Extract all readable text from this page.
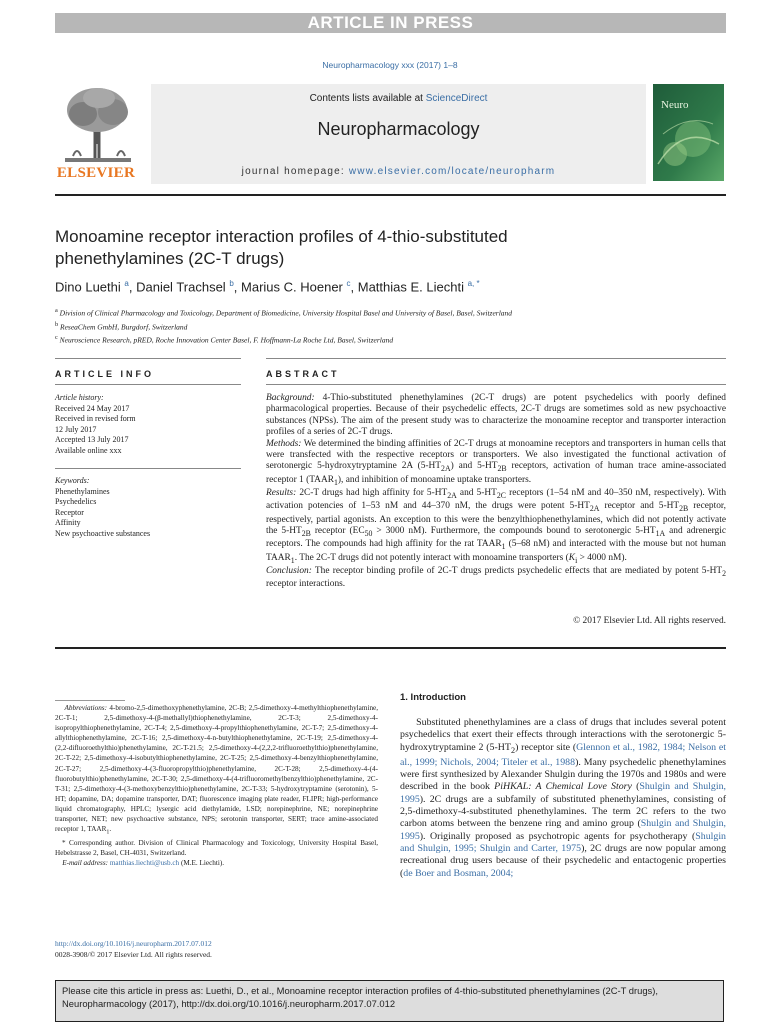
ARTICLE IN PRESS
Neuropharmacology xxx (2017) 1–8
ELSEVIER
Contents lists available at ScienceDirect
Neuropharmacology
journal homepage: www.elsevier.com/locate/neuropharm
Neuro
Monoamine receptor interaction profiles of 4-thio-substituted phenethylamines (2C-T drugs)
Dino Luethi $^a$, Daniel Trachsel $^b$, Marius C. Hoener $^c$, Matthias E. Liechti $^{a, *}$
$^a$ Division of Clinical Pharmacology and Toxicology, Department of Biomedicine, University Hospital Basel and University of Basel, Basel, Switzerland
$^b$ ReseaChem GmbH, Burgdorf, Switzerland
$^c$ Neuroscience Research, pRED, Roche Innovation Center Basel, F. Hoffmann-La Roche Ltd, Basel, Switzerland
ARTICLE INFO	ABSTRACT
Article history:
Received 24 May 2017
Received in revised form
12 July 2017
Accepted 13 July 2017
Available online xxx
Keywords:
Phenethylamines
Psychedelics
Receptor
Affinity
New psychoactive substances

Background: 4-Thio-substituted phenethylamines (2C-T drugs) are potent psychedelics with poorly defined pharmacological properties. Because of their psychedelic effects, 2C-T drugs are sometimes sold as new psychoactive substances (NPSs). The aim of the present study was to characterize the monoamine receptor and transporter interaction profiles of a series of 2C-T drugs.

Methods: We determined the binding affinities of 2C-T drugs at monoamine receptors and transporters in human cells that were transfected with the respective receptors or transporters. We also investigated the functional activation of serotonergic 5-hydroxytryptamine 2A $(5-HT_{2A})$ and $5-HT_{2B}$ receptors, activation of human trace amine-associated receptor 1 $(TAAR_1)$, and inhibition of monoamine uptake transporters.

Results: 2C-T drugs had high affinity for $5-HT_{2A}$ and $5-HT_{2C}$ receptors (1–54 nM and 40–350 nM, respectively). With activation potencies of 1–53 nM and 44–370 nM, the drugs were potent $5-HT_{2A}$ receptor and $5-HT_{2B}$ receptor, respectively, partial agonists. An exception to this were the benzylthiophenethylamines, which did not potently activate the $5-HT_{2B}$ receptor ($EC_{50} > 3000$ nM). Furthermore, the compounds bound to serotonergic $5-HT_{1A}$ and adrenergic receptors. The compounds had high affinity for the rat $TAAR_1$ (5–68 nM) and interacted with the mouse but not human $TAAR_1$. The 2C-T drugs did not potently interact with monoamine transporters ($K_i > 4000$ nM).

Conclusion: The receptor binding profile of 2C-T drugs predicts psychedelic effects that are mediated by potent $5-HT_2$ receptor interactions.

© 2017 Elsevier Ltd. All rights reserved.

Abbreviations: 4-bromo-2,5-dimethoxyphenethylamine, 2C-B; 2,5-dimethoxy-4-methylthiophenethylamine, 2C-T-1; 2,5-dimethoxy-4-(β-methallyl)thiophenethylamine, 2C-T-3; 2,5-dimethoxy-4-isopropylthiophenethylamine, 2C-T-4; 2,5-dimethoxy-4-propylthiophenethylamine, 2C-T-7; 2,5-dimethoxy-4-allylthiophenethylamine, 2C-T-16; 2,5-dimethoxy-4-n-butylthiophenethylamine, 2C-T-19; 2,5-dimethoxy-4-(2,2-difluoroethylthio)phenethylamine, 2C-T-21.5; 2,5-dimethoxy-4-(2,2,2-trifluoroethylthio)phenethylamine, 2C-T-22; 2,5-dimethoxy-4-isobutylthiophenethylamine, 2C-T-25; 2,5-dimethoxy-4-benzylthiophenethylamine, 2C-T-27; 2,5-dimethoxy-4-(3-fluoropropylthio)phenethylamine, 2C-T-28; 2,5-dimethoxy-4-(4-fluorobutylthio)phenethylamine, 2C-T-30; 2,5-dimethoxy-4-(4-trifluoromethylbenzylthio)phenethylamine, 2C-T-31; 2,5-dimethoxy-4-(3-methoxybenzylthio)phenethylamine, 2C-T-33; 5-hydroxytryptamine (serotonin), 5-HT; dopamine, DA; dopamine transporter, DAT; fluorescence imaging plate reader, FLIPR; high-performance liquid chromatography, HPLC; lysergic acid diethylamide, LSD; norepinephrine, NE; norepinephrine transporter, NET; new psychoactive substance, NPS; serotonin transporter, SERT; trace amine-associated receptor 1, $TAAR_1$.

* Corresponding author. Division of Clinical Pharmacology and Toxicology, University Hospital Basel, Hebelstrasse 2, Basel, CH-4031, Switzerland.

E-mail address: matthias.liechti@usb.ch (M.E. Liechti).

http://dx.doi.org/10.1016/j.neuropharm.2017.07.012
0028-3908/© 2017 Elsevier Ltd. All rights reserved.
1. Introduction
Substituted phenethylamines are a class of drugs that includes several potent psychedelics that exert their effects through interactions with the serotonergic 5-hydroxytryptamine 2 $(5-HT_2)$ receptor site (Glennon et al., 1982, 1984; Nelson et al., 1999; Nichols, 2004; Titeler et al., 1988). Many psychedelic phenethylamines were first synthesized by Alexander Shulgin during the 1970s and 1980s and were described in the book PiHKAL: A Chemical Love Story (Shulgin and Shulgin, 1995). 2C drugs are a subfamily of substituted phenethylamines, consisting of 2,5-dimethoxy-4-substituted phenethylamines. The term 2C refers to the two carbon atoms between the benzene ring and amino group (Shulgin and Shulgin, 1995). Originally proposed as psychotropic agents for psychotherapy (Shulgin and Shulgin, 1995; Shulgin and Carter, 1975), 2C drugs are now popular among recreational drug users because of their psychedelic and entactogenic properties (de Boer and Bosman, 2004;
Please cite this article in press as: Luethi, D., et al., Monoamine receptor interaction profiles of 4-thio-substituted phenethylamines (2C-T drugs), Neuropharmacology (2017), http://dx.doi.org/10.1016/j.neuropharm.2017.07.012
